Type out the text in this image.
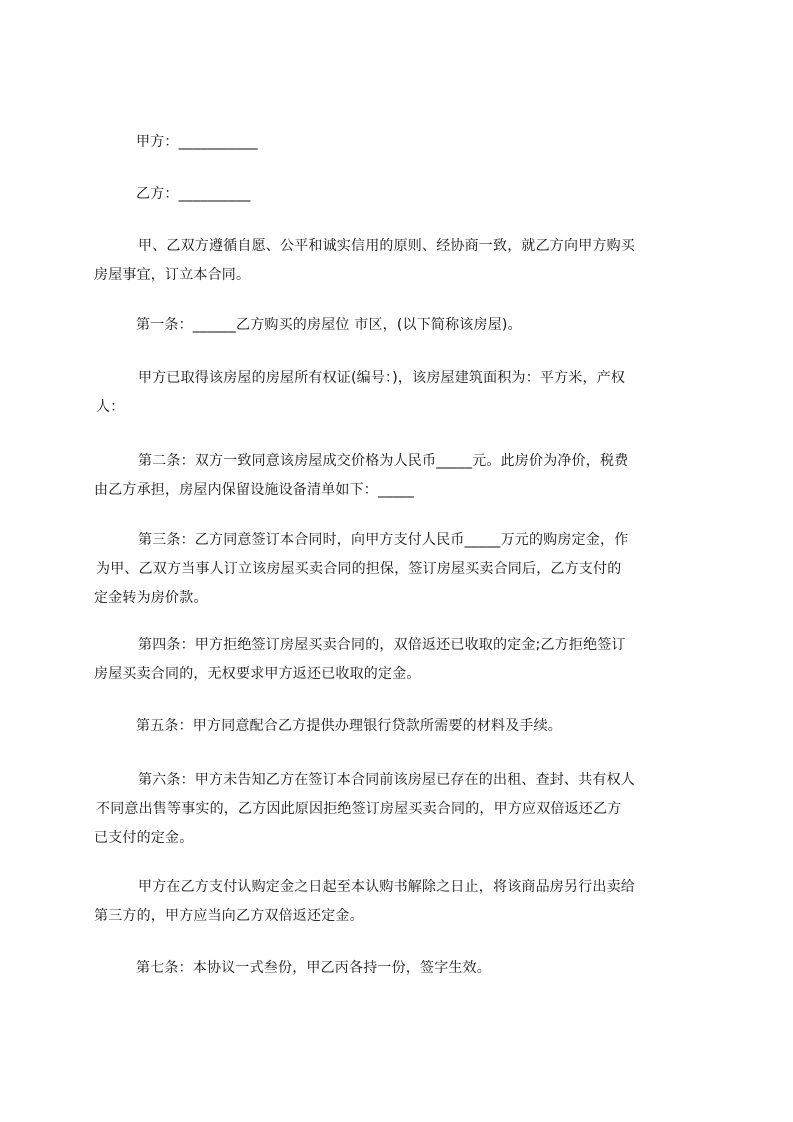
甲方：___________
乙方：__________
甲、乙双方遵循自愿、公平和诚实信用的原则、经协商一致，就乙方向甲方购买
房屋事宜，订立本合同。
第一条：______乙方购买的房屋位 市区，(以下简称该房屋)。
甲方已取得该房屋的房屋所有权证(编号：)，该房屋建筑面积为：平方米，产权
人：
第二条：双方一致同意该房屋成交价格为人民币_____元。此房价为净价，税费
由乙方承担，房屋内保留设施设备清单如下：_____
第三条：乙方同意签订本合同时，向甲方支付人民币_____万元的购房定金，作
为甲、乙双方当事人订立该房屋买卖合同的担保，签订房屋买卖合同后，乙方支付的
定金转为房价款。
第四条：甲方拒绝签订房屋买卖合同的，双倍返还已收取的定金;乙方拒绝签订
房屋买卖合同的，无权要求甲方返还已收取的定金。
第五条：甲方同意配合乙方提供办理银行贷款所需要的材料及手续。
第六条：甲方未告知乙方在签订本合同前该房屋已存在的出租、查封、共有权人
不同意出售等事实的，乙方因此原因拒绝签订房屋买卖合同的，甲方应双倍返还乙方
已支付的定金。
甲方在乙方支付认购定金之日起至本认购书解除之日止，将该商品房另行出卖给
第三方的，甲方应当向乙方双倍返还定金。
第七条：本协议一式叁份，甲乙丙各持一份，签字生效。
